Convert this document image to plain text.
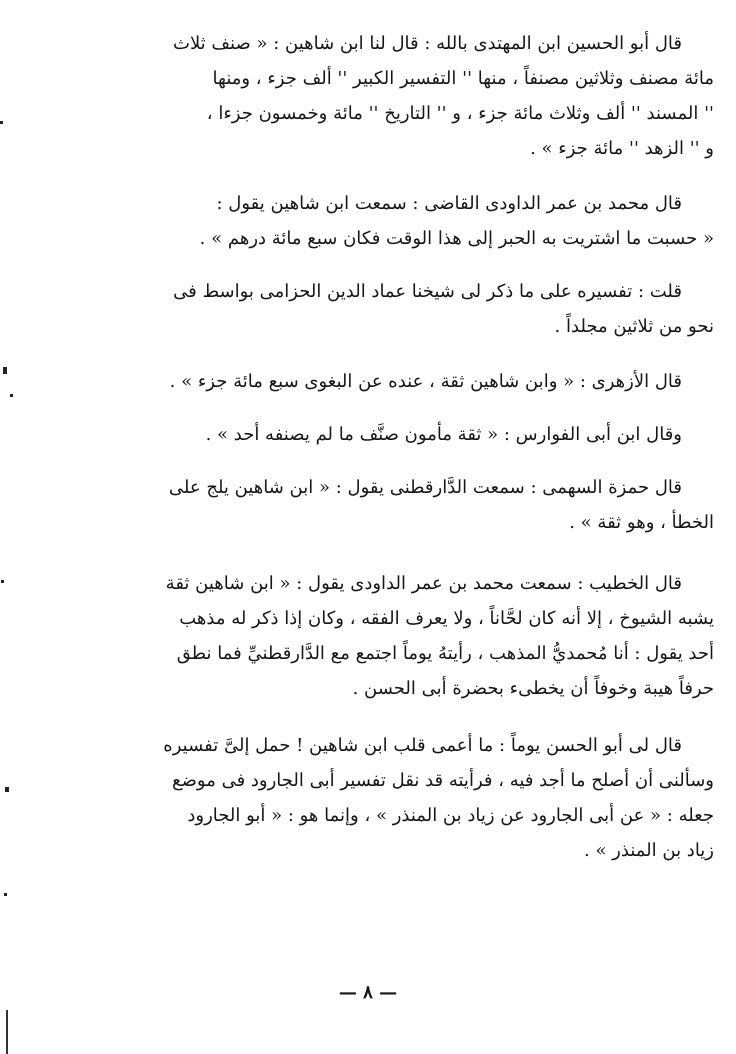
قال أبو الحسين ابن المهتدى بالله : قال لنا ابن شاهين : « صنف ثلاث
مائة مصنف وثلاثين مصنفاً ، منها '' التفسير الكبير '' ألف جزء ، ومنها
'' المسند '' ألف وثلاث مائة جزء ، و '' التاريخ '' مائة وخمسون جزءا ،
و '' الزهد '' مائة جزء » .
قال محمد بن عمر الداودى القاضى : سمعت ابن شاهين يقول :
« حسبت ما اشتريت به الحبر إلى هذا الوقت فكان سبع مائة درهم » .
قلت : تفسيره على ما ذكر لى شيخنا عماد الدين الحزامى بواسط فى
نحو من ثلاثين مجلداً .
قال الأزهرى : « وابن شاهين ثقة ، عنده عن البغوى سبع مائة جزء » .
وقال ابن أبى الفوارس : « ثقة مأمون صنَّف ما لم يصنفه أحد » .
قال حمزة السهمى : سمعت الدَّارقطنى يقول : « ابن شاهين يلج على
الخطأ ، وهو ثقة » .
قال الخطيب : سمعت محمد بن عمر الداودى يقول : « ابن شاهين ثقة
يشبه الشيوخ ، إلا أنه كان لحَّاناً ، ولا يعرف الفقه ، وكان إذا ذكر له مذهب
أحد يقول : أنا مُحمديُّ المذهب ، رأيتهُ يوماً اجتمع مع الدَّارقطنيِّ فما نطق
حرفاً هيبة وخوفاً أن يخطىء بحضرة أبى الحسن .
قال لى أبو الحسن يوماً : ما أعمى قلب ابن شاهين ! حمل إلىَّ تفسيره
وسألنى أن أصلح ما أجد فيه ، فرأيته قد نقل تفسير أبى الجارود فى موضع
جعله : « عن أبى الجارود عن زياد بن المنذر » ، وإنما هو : « أبو الجارود
زياد بن المنذر » .
— ٨ —
